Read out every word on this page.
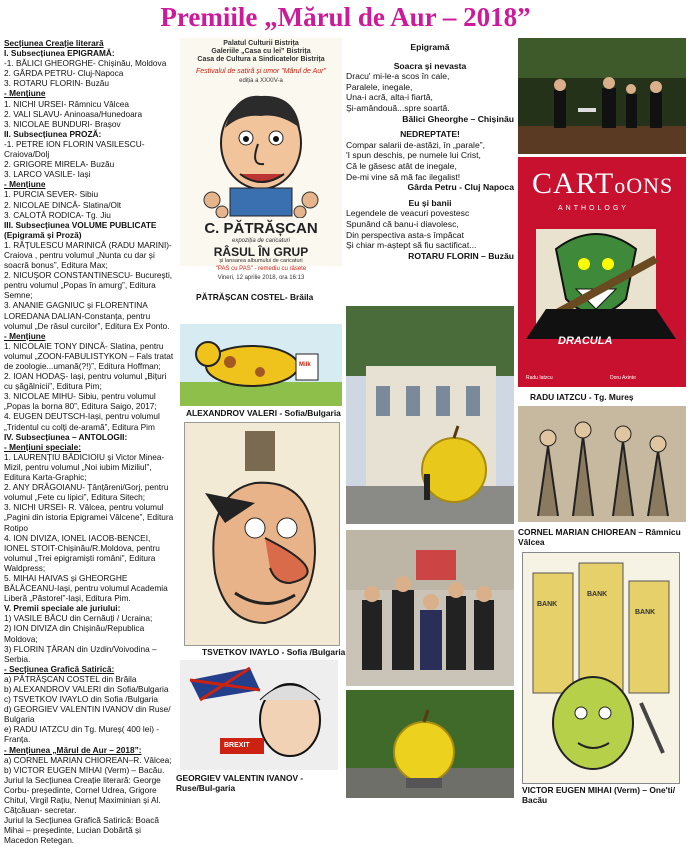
Premiile „Mărul de Aur – 2018”

Secțiunea Creație literară

I. Subsecțiunea EPIGRAMĂ:

-1. BĂLICI GHEORGHE- Chișinău, Moldova

2. GÂRDA PETRU- Cluj-Napoca

3. ROTARU FLORIN- Buzău

- Mențiune

1. NICHI URSEI- Râmnicu Vâlcea

2. VALI SLAVU- Aninoasa/Hunedoara

3. NICOLAE BUNDURI- Brașov

II. Subsecțiunea PROZĂ:

-1. PETRE ION FLORIN VASILESCU- Craiova/Dolj

2. GRIGORE MIRELA- Buzău

3. LARCO VASILE- Iași

- Mențiune

1. PURCIA SEVER- Sibiu

2. NICOLAE DINCĂ- Slatina/Olt

3. CALOTĂ RODICA- Tg. Jiu

III. Subsecțiunea VOLUME PUBLICATE (Epigramă și Proză)

1. RĂȚULESCU MARINICĂ (RADU MARINI)- Craiova , pentru volumul „Nunta cu dar și soacră bonus”, Editura Max;

2. NICUȘOR CONSTANTINESCU- București, pentru volumul „Popas în amurg”, Editura Semne;

3. ANANIE GAGNIUC și FLORENTINA LOREDANA DALIAN-Constanța, pentru volumul „De râsul curcilor”, Editura Ex Ponto.

- Mențiune

1. NICOLAIE TONY DINCĂ- Slatina, pentru volumul „ZOON-FABULISTYKON – Fals tratat de zoologie...umană(?!)”, Editura Hoffman;

2. IOAN HODAȘ- Iași, pentru volumul „Bițuri cu șăgălnicii”, Editura Pim;

3. NICOLAE MIHU- Sibiu, pentru volumul „Popas la borna 80”, Editura Saigo, 2017;

4. EUGEN DEUTSCH-Iași, pentru volumul „Tridentul cu colți de-aramă”, Editura Pim

IV. Subsecțiunea – ANTOLOGII:

- Mențiuni speciale:

1. LAURENȚIU BĂDICIOIU și Victor Minea-Mizil, pentru volumul „Noi iubim Miziliul”, Editura Karta-Graphic;

2. ANY DRĂGOIANU- Țânțăreni/Gorj, pentru volumul „Fete cu lipici”, Editura Sitech;

3. NICHI URSEI- R. Vâlcea, pentru volumul „Pagini din istoria Epigramei Vâlcene”, Editura Rotipo

4. ION DIVIZA, IONEL IACOB-BENCEI, IONEL STOIT-Chișinău/R.Moldova, pentru volumul „Trei epigramiști români”, Editura Waldpress;

5. MIHAI HAIVAS și GHEORGHE BĂLĂCEANU-Iași, pentru volumul Academia Liberă „Păstorel”-Iași, Editura Pim.

V. Premii speciale ale juriului:

1) VASILE BĂCU din Cernăuți / Ucraina;

2) ION DIVIZA din Chișinău/Republica Moldova;

3) FLORIN ȚĂRAN din Uzdin/Voivodina – Serbia.

- Secțiunea Grafică Satirică:

a) PĂTRĂȘCAN COSTEL din Brăila

b) ALEXANDROV VALERI din Sofia/Bulgaria

c) TSVETKOV IVAYLO din Sofia /Bulgaria

d) GEORGIEV VALENTIN IVANOV din Ruse/ Bulgaria

e) RADU IATZCU din Tg. Mureș( 400 lei) - Franța.

- Mențiunea „Mărul de Aur – 2018”:

a) CORNEL MARIAN CHIOREAN–R. Vâlcea;

b) VICTOR EUGEN MIHAI (Verm) – Bacău.

Juriul la Secțiunea Creație literară: George Corbu- președinte, Cornel Udrea, Grigore Chitul, Virgil Rațiu, Nenuț Maximinian și Al. Cățcăuan- secretar.

Juriul la Secțiunea Grafică Satirică: Boacă Mihai – președinte, Lucian Dobârtă și Macedon Retegan.

Palatul Culturii Bistrița
Galeriile „Casa cu lei” Bistrița
Casa de Cultura a Sindicatelor Bistrița
Festivalul de satiră și umor "Mărul de Aur"
ediția a XXXIV-a
C. PĂTRĂȘCAN
expoziția de caricaturi
RÂSUL ÎN GRUP
și lansarea albumului de caricaturi
"PAS cu PAS" - remediu cu râsete
Vineri, 12 aprilie 2018, ora 16:13
PĂTRĂȘCAN COSTEL- Brăila
Epigramă
Soacra și nevasta
Dracu' mi-le-a scos în cale,
Paralele, inegale,
Una-i acră, alta-i fiartă,
Și-amândouă...spre soartă.
Bălici Gheorghe – Chișinău
NEDREPTATE!
Compar salarii de-astăzi, în „parale”,
'I spun deschis, pe numele lui Crist,
Că le găsesc atât de inegale,
De-mi vine să mă fac ilegalist!
Gârda Petru - Cluj Napoca
Eu și banii
Legendele de veacuri povestesc
Spunând că banu-i diavolesc,
Din perspectiva asta-s împăcat
Și chiar m-aștept să fiu sactificat...
ROTARU FLORIN – Buzău
CARToONS
ANTHOLOGY
DRACULA
Radu Iatzcu	Doru Axinte
RADU IATZCU - Tg. Mureș
Milk
ALEXANDROV VALERI - Sofia/Bulgaria
TSVETKOV IVAYLO - Sofia /Bulgaria
BREXIT
GEORGIEV VALENTIN IVANOV - Ruse/Bul-garia
CORNEL MARIAN CHIOREAN – Râmnicu Vâlcea
BANK
BANK
BANK
VICTOR EUGEN MIHAI (Verm) – One'ti/ Bacău
